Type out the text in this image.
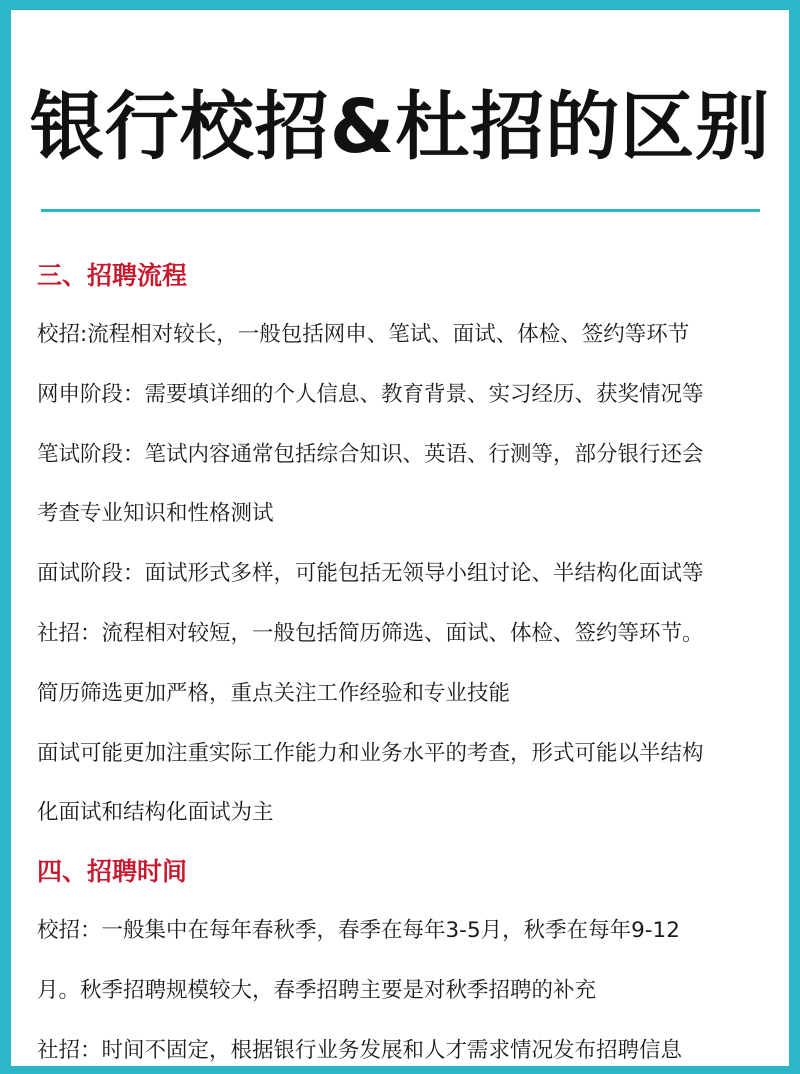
银行校招&杜招的区别
三、招聘流程
校招:流程相对较长，一般包括网申、笔试、面试、体检、签约等环节
网申阶段：需要填详细的个人信息、教育背景、实习经历、获奖情况等
笔试阶段：笔试内容通常包括综合知识、英语、行测等，部分银行还会
考查专业知识和性格测试
面试阶段：面试形式多样，可能包括无领导小组讨论、半结构化面试等
社招：流程相对较短，一般包括简历筛选、面试、体检、签约等环节。
简历筛选更加严格，重点关注工作经验和专业技能
面试可能更加注重实际工作能力和业务水平的考查，形式可能以半结构
化面试和结构化面试为主
四、招聘时间
校招：一般集中在每年春秋季，春季在每年3-5月，秋季在每年9-12
月。秋季招聘规模较大，春季招聘主要是对秋季招聘的补充
社招：时间不固定，根据银行业务发展和人才需求情况发布招聘信息
